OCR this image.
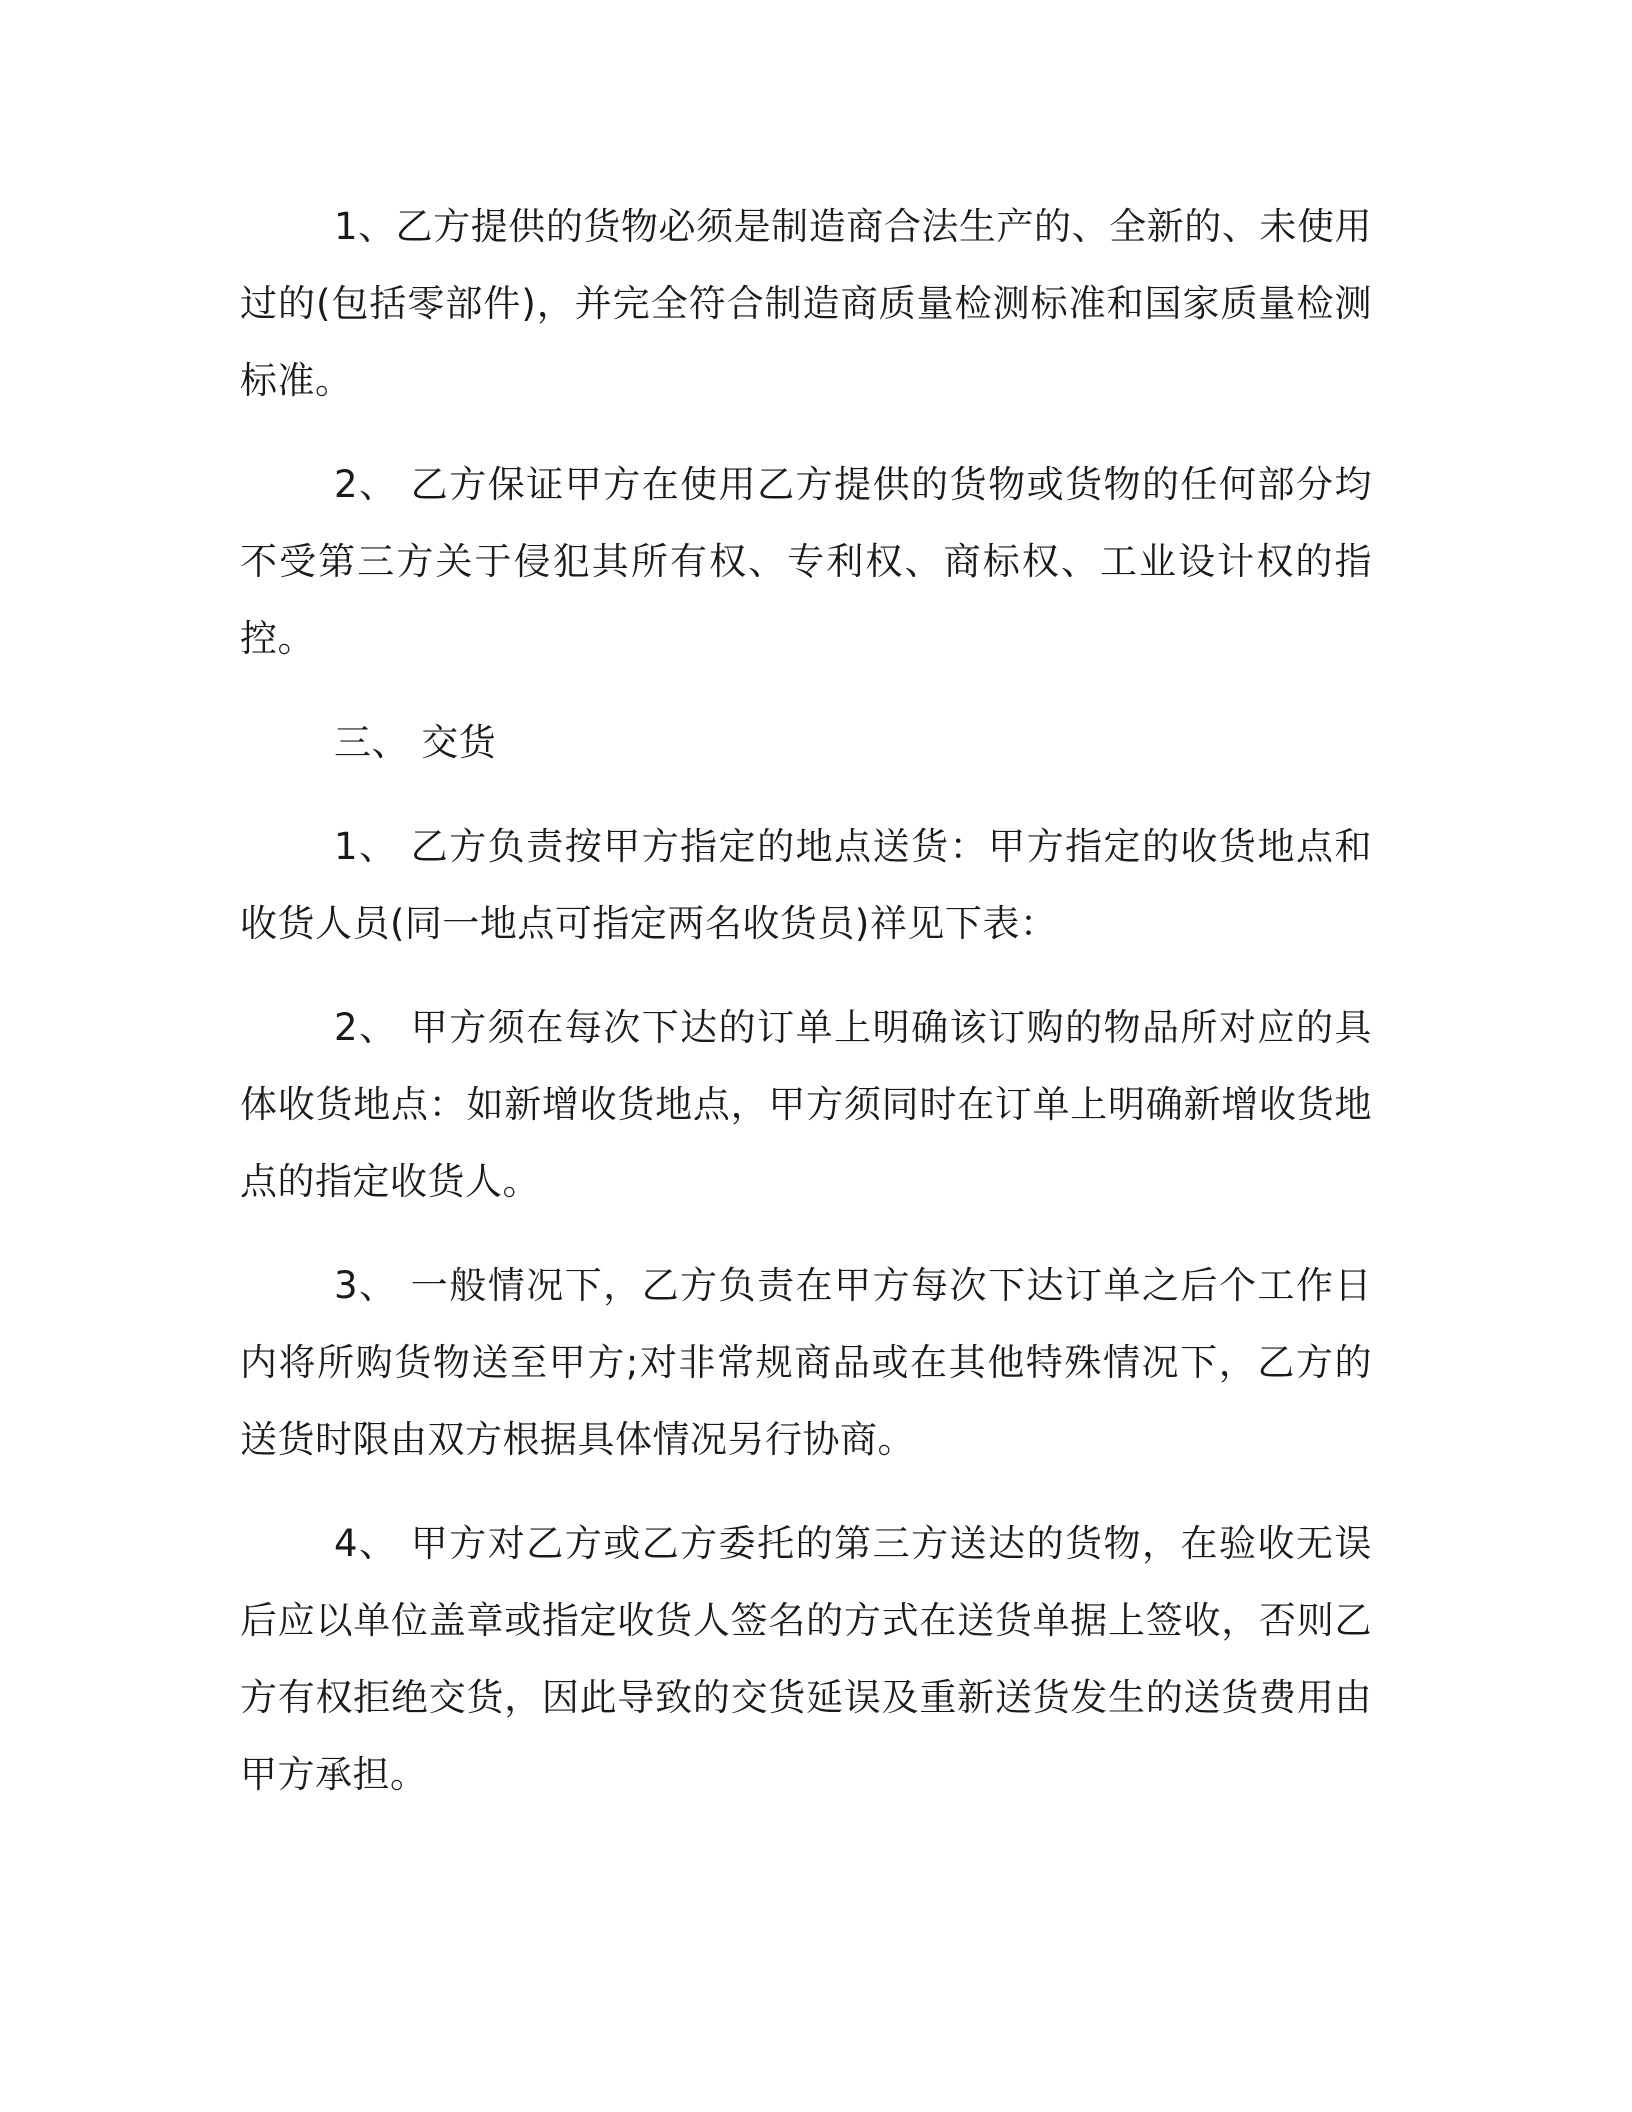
1、乙方提供的货物必须是制造商合法生产的、全新的、未使用过的(包括零部件)，并完全符合制造商质量检测标准和国家质量检测标准。

2、 乙方保证甲方在使用乙方提供的货物或货物的任何部分均不受第三方关于侵犯其所有权、专利权、商标权、工业设计权的指控。

三、 交货

1、 乙方负责按甲方指定的地点送货：甲方指定的收货地点和收货人员(同一地点可指定两名收货员)祥见下表：

2、 甲方须在每次下达的订单上明确该订购的物品所对应的具体收货地点：如新增收货地点，甲方须同时在订单上明确新增收货地点的指定收货人。

3、 一般情况下，乙方负责在甲方每次下达订单之后个工作日内将所购货物送至甲方;对非常规商品或在其他特殊情况下，乙方的送货时限由双方根据具体情况另行协商。

4、 甲方对乙方或乙方委托的第三方送达的货物，在验收无误后应以单位盖章或指定收货人签名的方式在送货单据上签收，否则乙方有权拒绝交货，因此导致的交货延误及重新送货发生的送货费用由甲方承担。
